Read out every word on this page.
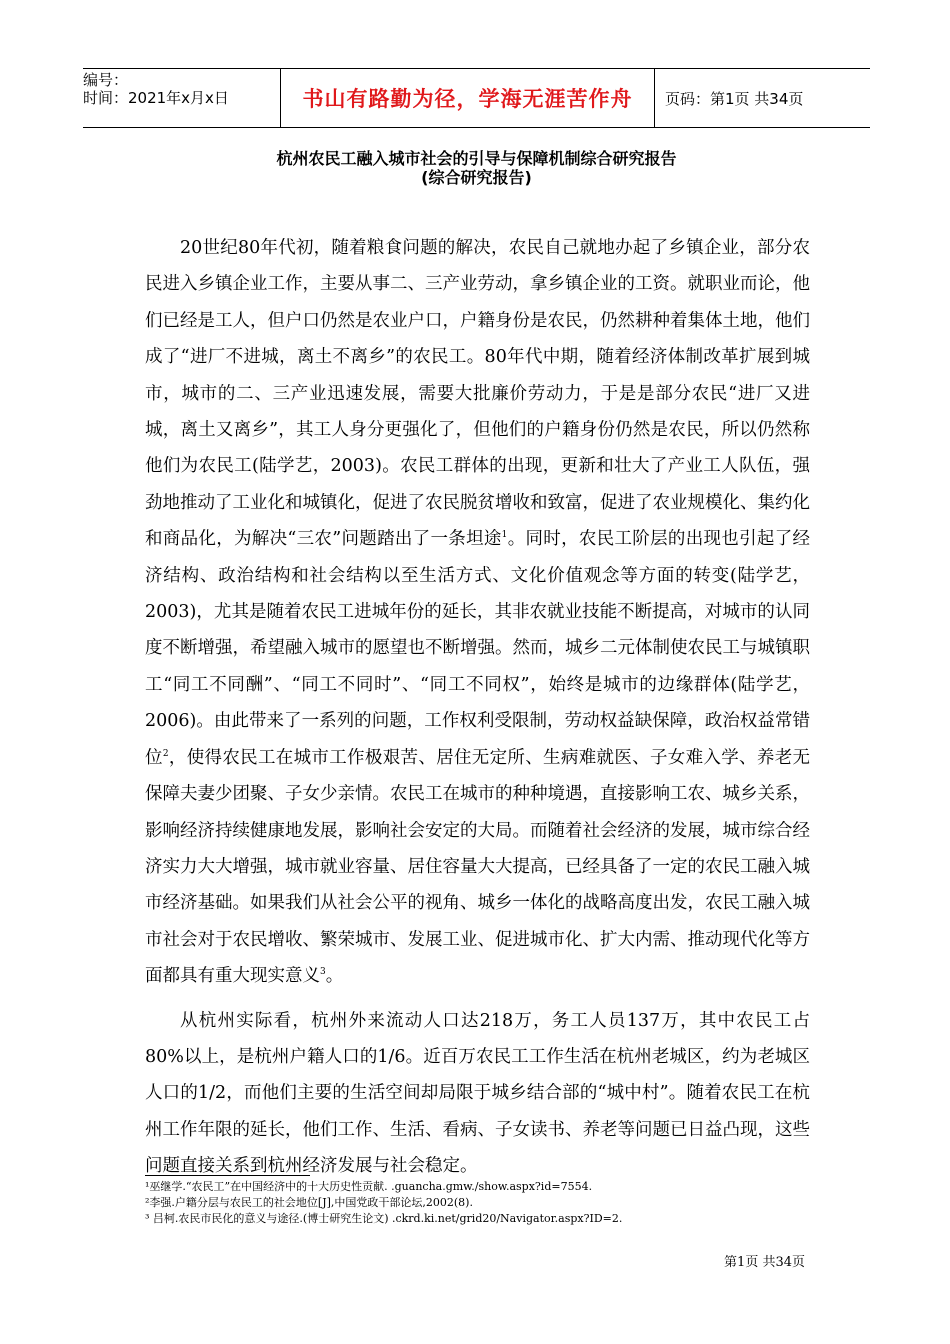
编号：
时间：2021年x月x日	书山有路勤为径，学海无涯苦作舟	页码：第1页 共34页
杭州农民工融入城市社会的引导与保障机制综合研究报告
(综合研究报告)

20世纪80年代初，随着粮食问题的解决，农民自己就地办起了乡镇企业，部分农民进入乡镇企业工作，主要从事二、三产业劳动，拿乡镇企业的工资。就职业而论，他们已经是工人，但户口仍然是农业户口，户籍身份是农民，仍然耕种着集体土地，他们成了“进厂不进城，离土不离乡”的农民工。80年代中期，随着经济体制改革扩展到城市，城市的二、三产业迅速发展，需要大批廉价劳动力，于是是部分农民“进厂又进城，离土又离乡”，其工人身分更强化了，但他们的户籍身份仍然是农民，所以仍然称他们为农民工(陆学艺，2003)。农民工群体的出现，更新和壮大了产业工人队伍，强劲地推动了工业化和城镇化，促进了农民脱贫增收和致富，促进了农业规模化、集约化和商品化，为解决“三农”问题踏出了一条坦途$^1$。同时，农民工阶层的出现也引起了经济结构、政治结构和社会结构以至生活方式、文化价值观念等方面的转变(陆学艺，2003)，尤其是随着农民工进城年份的延长，其非农就业技能不断提高，对城市的认同度不断增强，希望融入城市的愿望也不断增强。然而，城乡二元体制使农民工与城镇职工“同工不同酬”、“同工不同时”、“同工不同权”，始终是城市的边缘群体(陆学艺，2006)。由此带来了一系列的问题，工作权利受限制，劳动权益缺保障，政治权益常错位$^2$，使得农民工在城市工作极艰苦、居住无定所、生病难就医、子女难入学、养老无保障夫妻少团聚、子女少亲情。农民工在城市的种种境遇，直接影响工农、城乡关系，影响经济持续健康地发展，影响社会安定的大局。而随着社会经济的发展，城市综合经济实力大大增强，城市就业容量、居住容量大大提高，已经具备了一定的农民工融入城市经济基础。如果我们从社会公平的视角、城乡一体化的战略高度出发，农民工融入城市社会对于农民增收、繁荣城市、发展工业、促进城市化、扩大内需、推动现代化等方面都具有重大现实意义$^3$。

从杭州实际看，杭州外来流动人口达218万，务工人员137万，其中农民工占80%以上，是杭州户籍人口的1/6。近百万农民工工作生活在杭州老城区，约为老城区人口的1/2，而他们主要的生活空间却局限于城乡结合部的“城中村”。随着农民工在杭州工作年限的延长，他们工作、生活、看病、子女读书、养老等问题已日益凸现，这些问题直接关系到杭州经济发展与社会稳定。

¹巫继学.“农民工”在中国经济中的十大历史性贡献. .guancha.gmw./show.aspx?id=7554.
²李强.户籍分层与农民工的社会地位[J],中国党政干部论坛,2002(8).
³ 吕柯.农民市民化的意义与途径.(博士研究生论文) .ckrd.ki.net/grid20/Navigator.aspx?ID=2.
第1页 共34页
